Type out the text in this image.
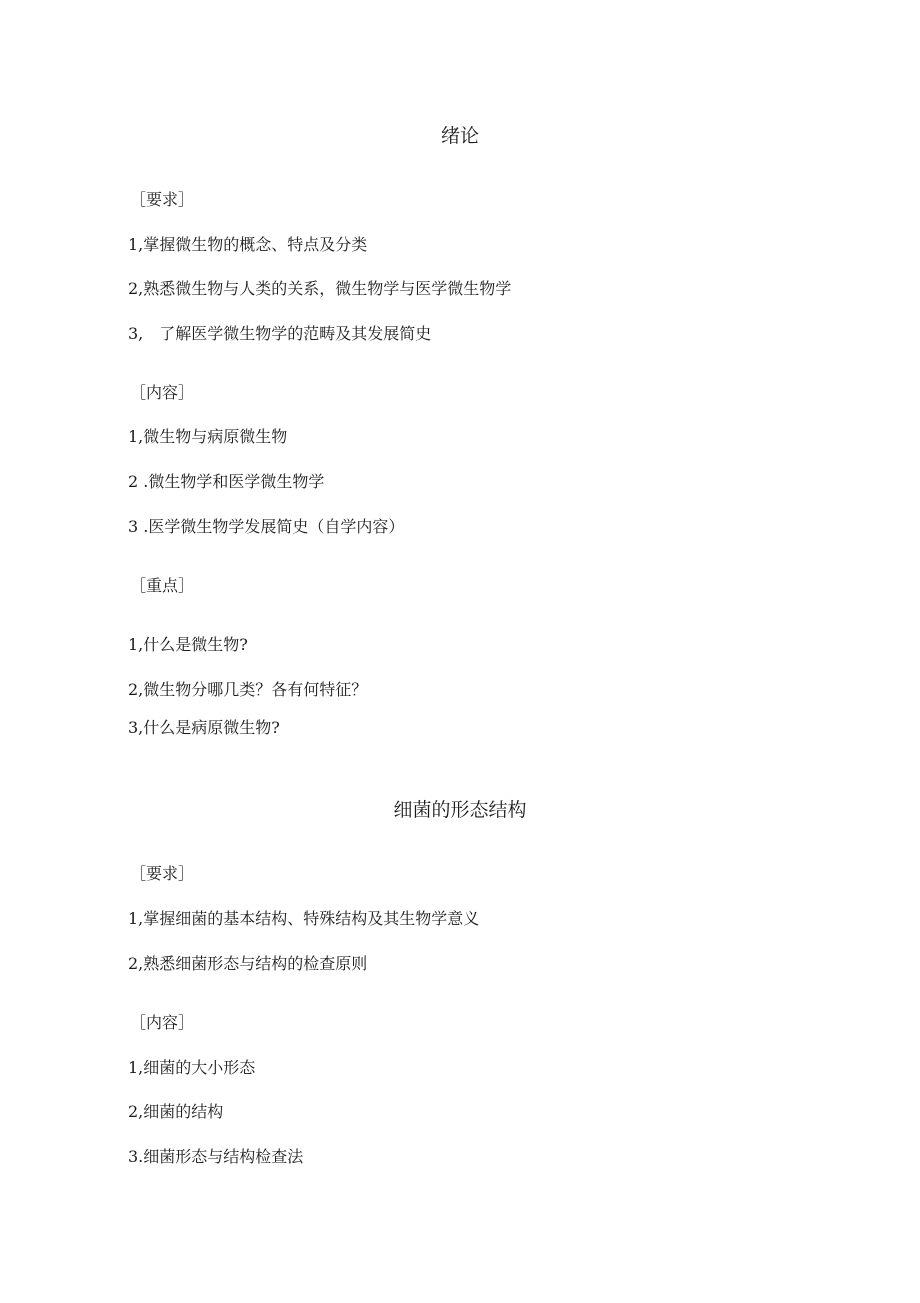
绪论
［要求］
1,掌握微生物的概念、特点及分类
2,熟悉微生物与人类的关系，微生物学与医学微生物学
3,　了解医学微生物学的范畴及其发展简史
［内容］
1,微生物与病原微生物
2 .微生物学和医学微生物学
3 .医学微生物学发展简史（自学内容）
［重点］
1,什么是微生物?
2,微生物分哪几类？各有何特征？
3,什么是病原微生物?
细菌的形态结构
［要求］
1,掌握细菌的基本结构、特殊结构及其生物学意义
2,熟悉细菌形态与结构的检查原则
［内容］
1,细菌的大小形态
2,细菌的结构
3.细菌形态与结构检查法
